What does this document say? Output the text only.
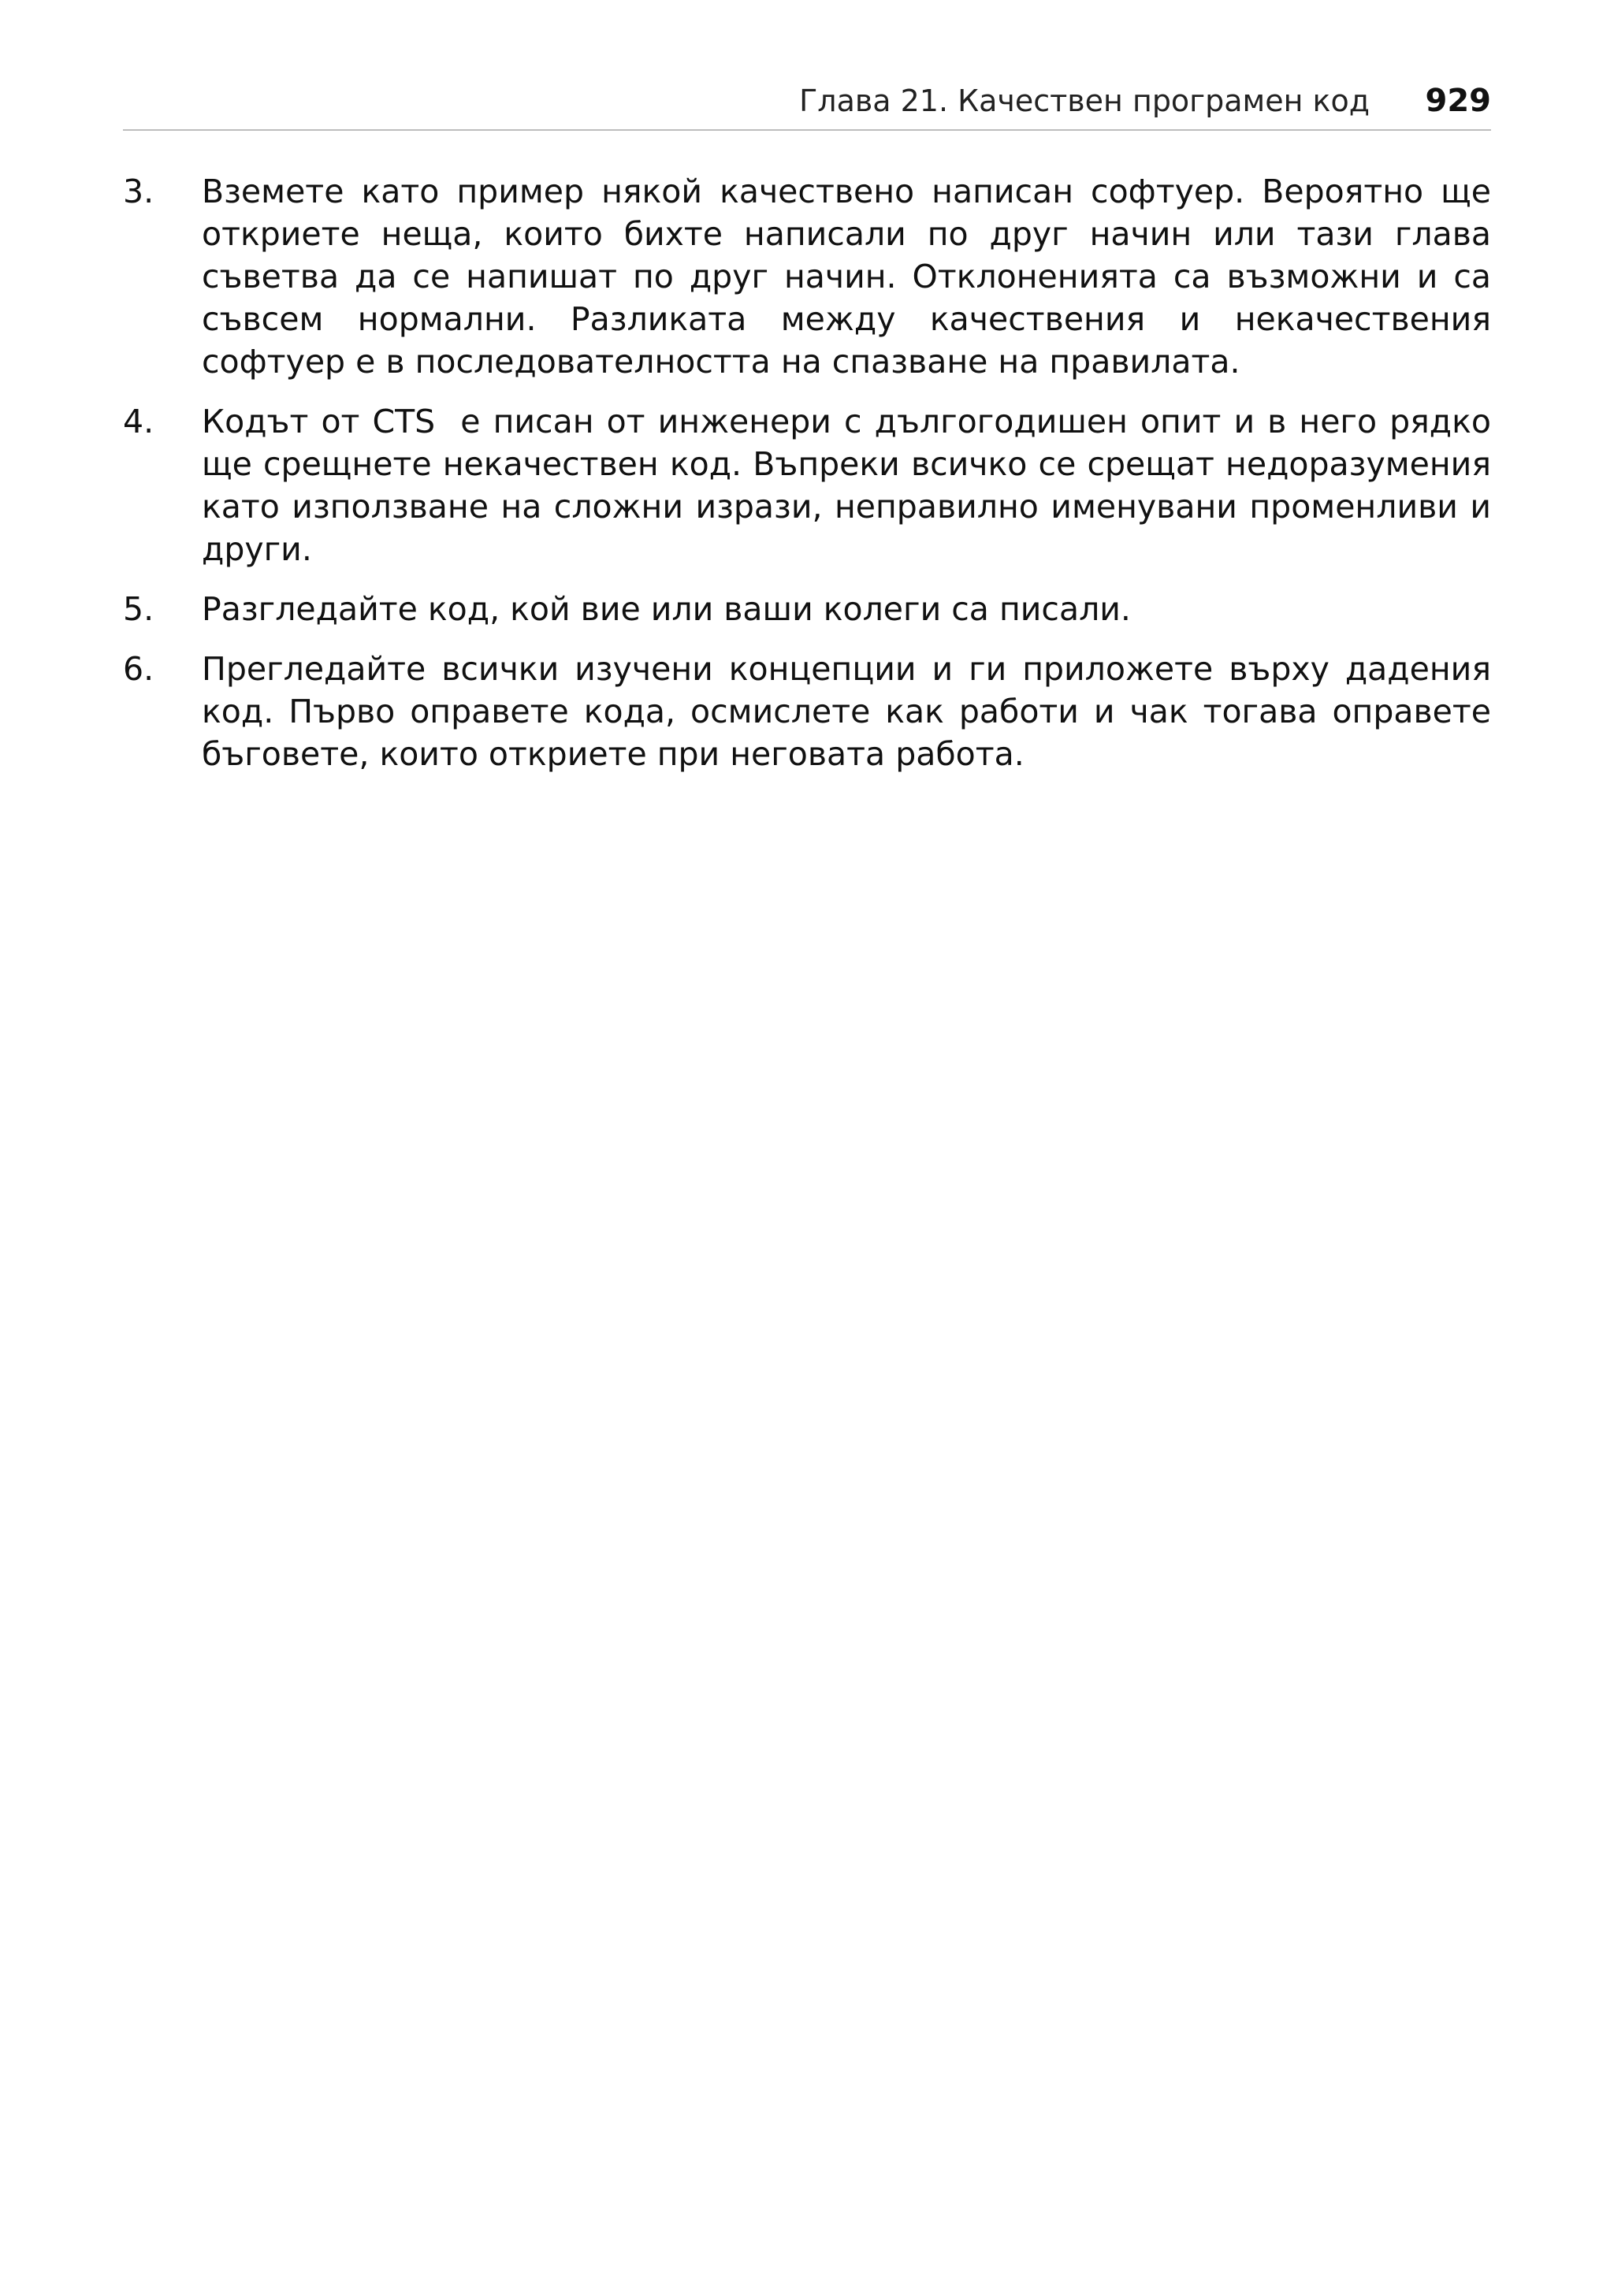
Глава 21. Качествен програмен код 929
3. Вземете като пример някой качествено написан софтуер. Вероятно ще откриете неща, които бихте написали по друг начин или тази глава съветва да се напишат по друг начин. Отклоненията са възможни и са съвсем нормални. Разликата между качествения и некачествения софтуер е в последователността на спазване на правилата.
4. Кодът от CTS  е писан от инженери с дългогодишен опит и в него рядко ще срещнете некачествен код. Въпреки всичко се срещат недоразумения като използване на сложни изрази, неправилно именувани променливи и други.
5. Разгледайте код, кой вие или ваши колеги са писали.
6. Прегледайте всички изучени концепции и ги приложете върху дадения код. Първо оправете кода, осмислете как работи и чак тогава оправете бъговете, които откриете при неговата работа.
